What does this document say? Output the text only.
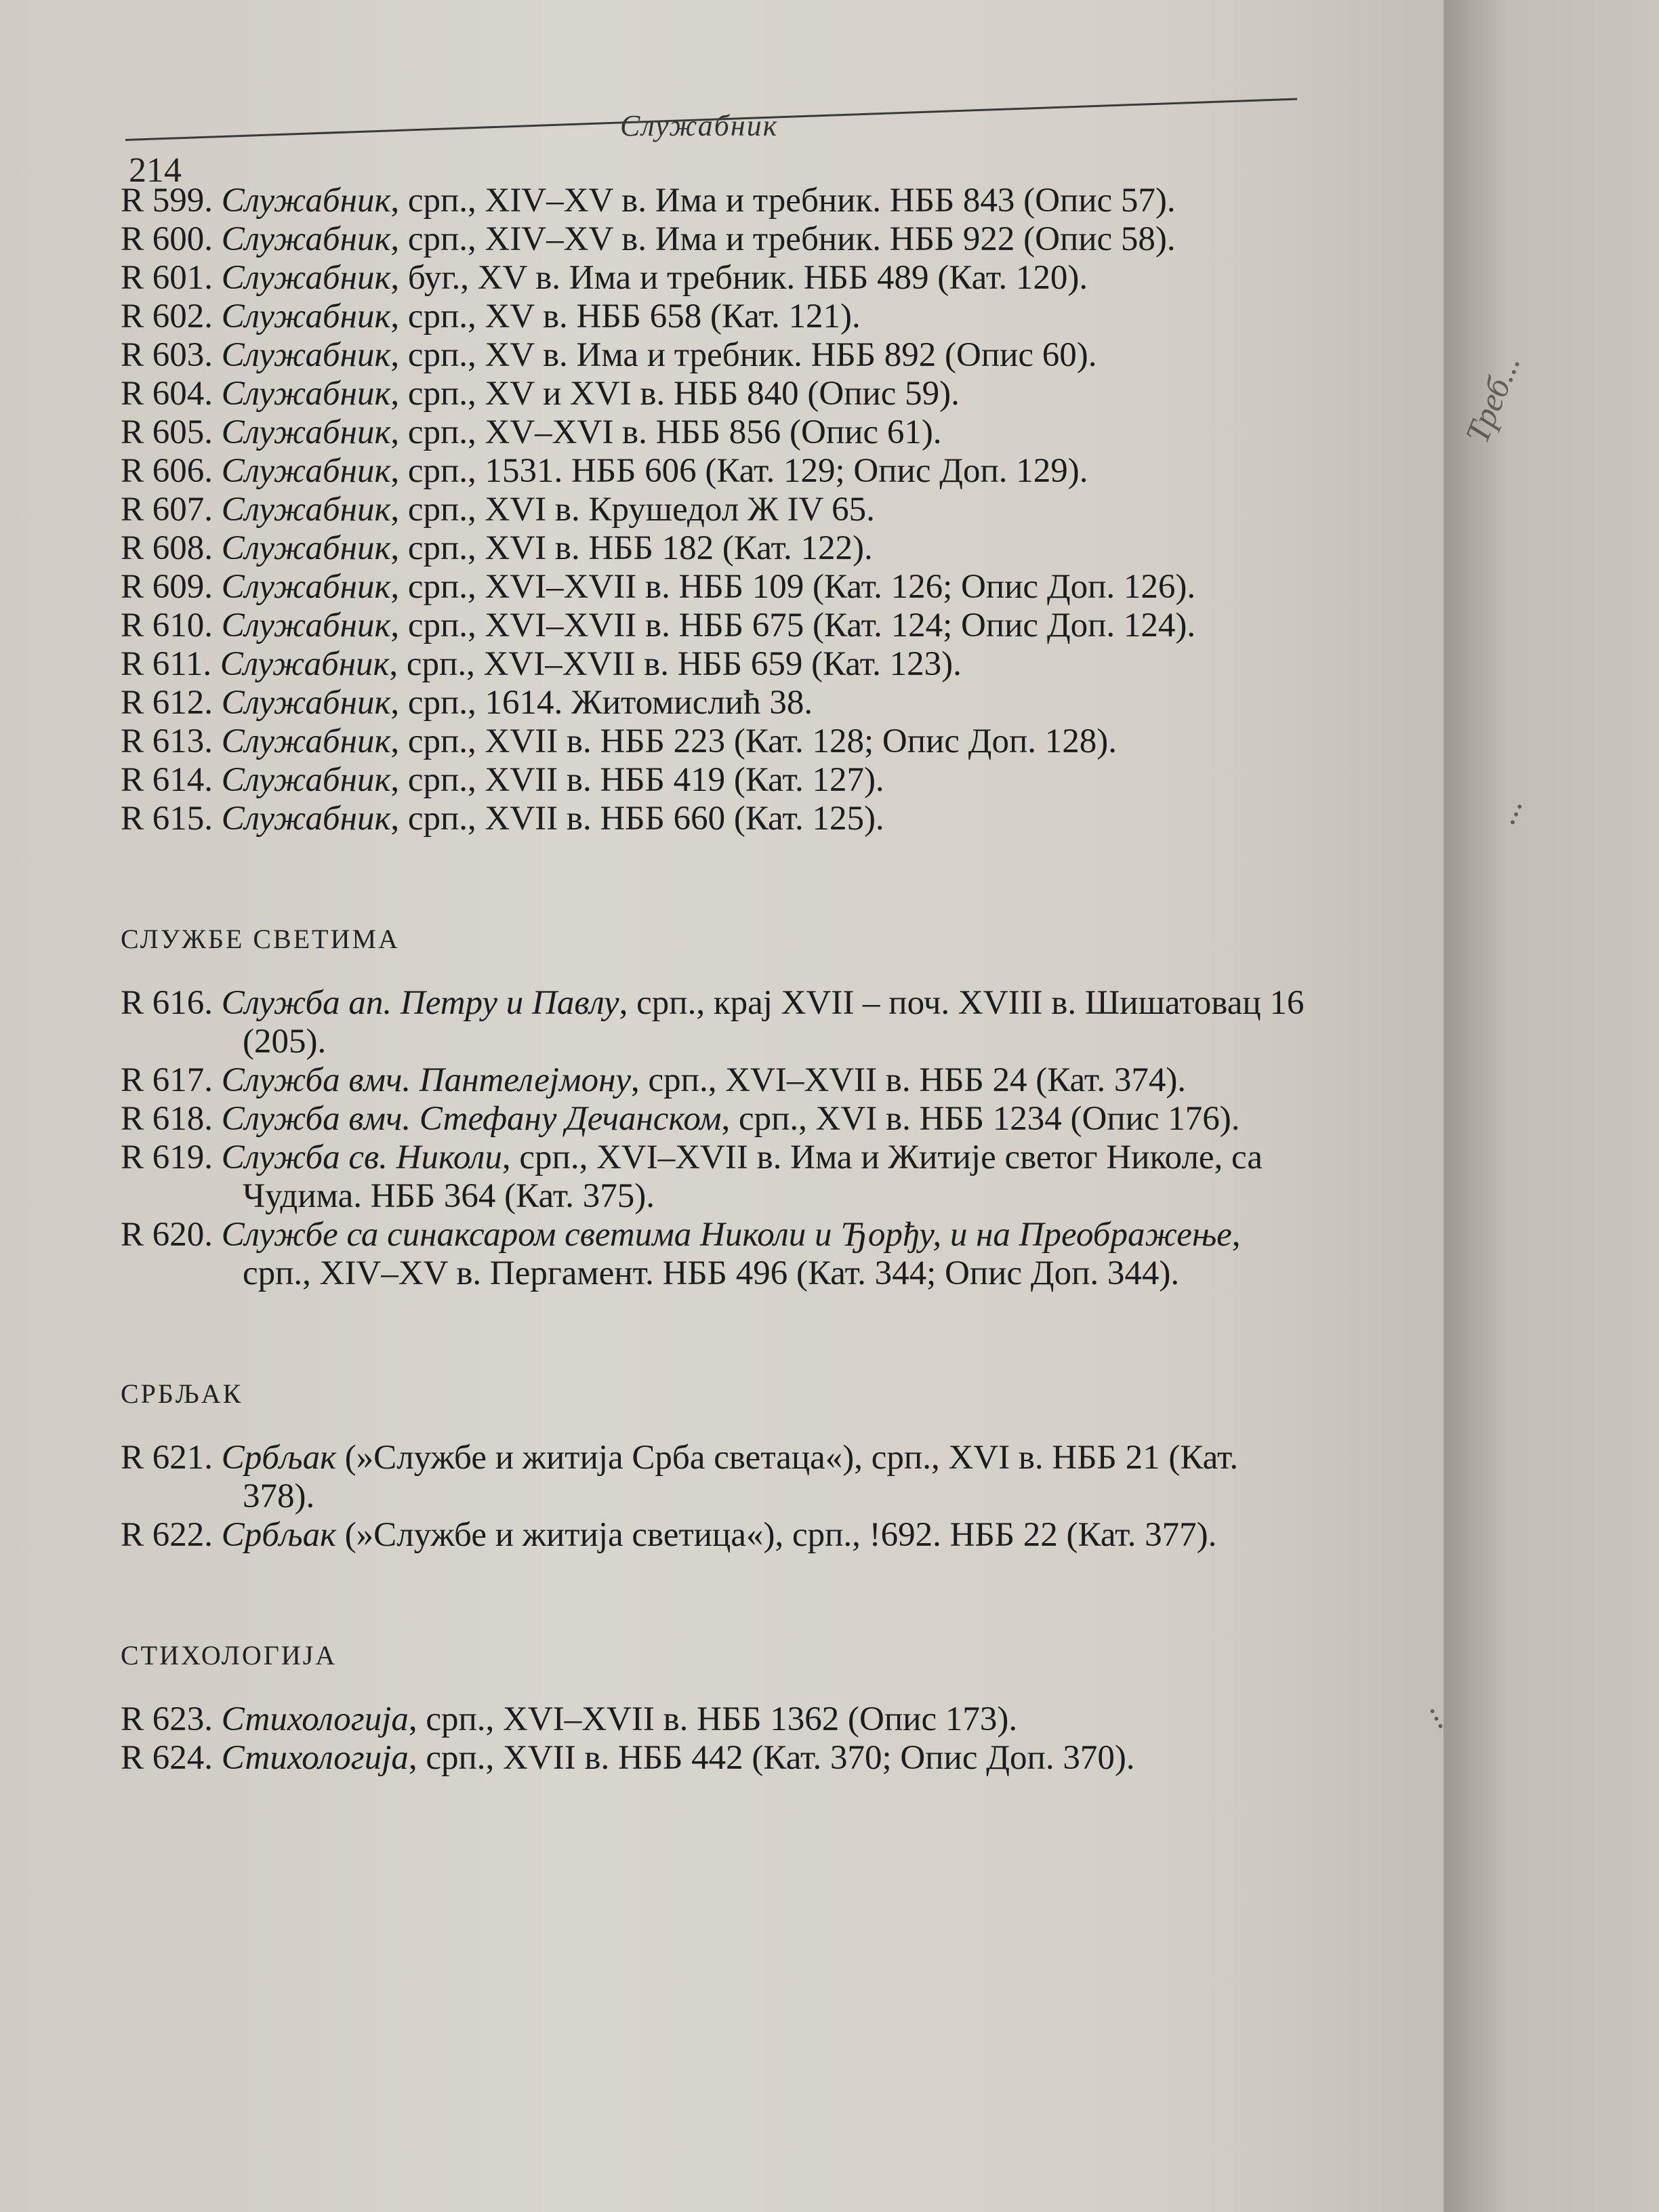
Служабник
214

R 599. Служабник, срп., XIV–XV в. Има и требник. НББ 843 (Опис 57).

R 600. Служабник, срп., XIV–XV в. Има и требник. НББ 922 (Опис 58).

R 601. Служабник, буг., XV в. Има и требник. НББ 489 (Кат. 120).

R 602. Служабник, срп., XV в. НББ 658 (Кат. 121).

R 603. Служабник, срп., XV в. Има и требник. НББ 892 (Опис 60).

R 604. Служабник, срп., XV и XVI в. НББ 840 (Опис 59).

R 605. Служабник, срп., XV–XVI в. НББ 856 (Опис 61).

R 606. Служабник, срп., 1531. НББ 606 (Кат. 129; Опис Доп. 129).

R 607. Служабник, срп., XVI в. Крушедол Ж IV 65.

R 608. Служабник, срп., XVI в. НББ 182 (Кат. 122).

R 609. Служабник, срп., XVI–XVII в. НББ 109 (Кат. 126; Опис Доп. 126).

R 610. Служабник, срп., XVI–XVII в. НББ 675 (Кат. 124; Опис Доп. 124).

R 611. Служабник, срп., XVI–XVII в. НББ 659 (Кат. 123).

R 612. Служабник, срп., 1614. Житомислић 38.

R 613. Служабник, срп., XVII в. НББ 223 (Кат. 128; Опис Доп. 128).

R 614. Служабник, срп., XVII в. НББ 419 (Кат. 127).

R 615. Служабник, срп., XVII в. НББ 660 (Кат. 125).

СЛУЖБЕ СВЕТИМА

R 616. Служба ап. Петру и Павлу, срп., крај XVII – поч. XVIII в. Шишатовац 16 (205).

R 617. Служба вмч. Пантелејмону, срп., XVI–XVII в. НББ 24 (Кат. 374).

R 618. Служба вмч. Стефану Дечанском, срп., XVI в. НББ 1234 (Опис 176).

R 619. Служба св. Николи, срп., XVI–XVII в. Има и Житије светог Николе, са Чудима. НББ 364 (Кат. 375).

R 620. Службе са синаксаром светима Николи и Ђорђу, и на Преображење, срп., XIV–XV в. Пергамент. НББ 496 (Кат. 344; Опис Доп. 344).

СРБЉАК

R 621. Србљак (»Службе и житија Срба светаца«), срп., XVI в. НББ 21 (Кат. 378).

R 622. Србљак (»Службе и житија светица«), срп., !692. НББ 22 (Кат. 377).

СТИХОЛОГИЈА

R 623. Стихологија, срп., XVI–XVII в. НББ 1362 (Опис 173).

R 624. Стихологија, срп., XVII в. НББ 442 (Кат. 370; Опис Доп. 370).

Треб...
...
...
